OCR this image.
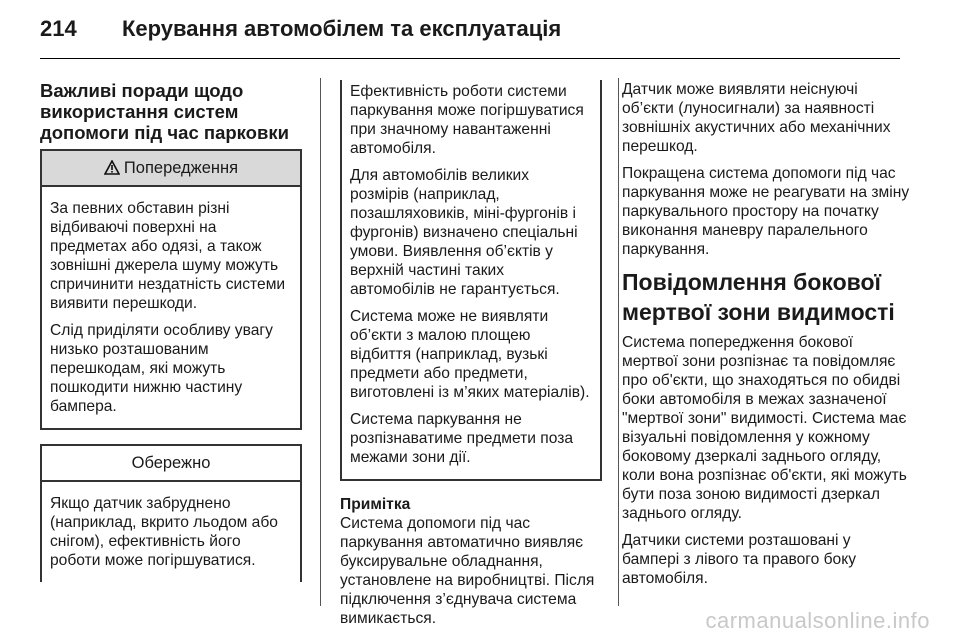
214 Керування автомобілем та експлуатація
Важливі поради щодо
використання систем
допомоги під час парковки
Попередження

За певних обставин різні відбиваючі поверхні на предметах або одязі, а також зовнішні джерела шуму можуть спричинити нездатність системи виявити перешкоди.

Слід приділяти особливу увагу низько розташованим перешкодам, які можуть пошкодити нижню частину бампера.

Обережно

Якщо датчик забруднено (наприклад, вкрито льодом або снігом), ефективність його роботи може погіршуватися.

Ефективність роботи системи паркування може погіршуватися при значному навантаженні автомобіля.

Для автомобілів великих розмірів (наприклад, позашляховиків, міні-фургонів і фургонів) визначено спеціальні умови. Виявлення об’єктів у верхній частині таких автомобілів не гарантується.

Система може не виявляти об’єкти з малою площею відбиття (наприклад, вузькі предмети або предмети, виготовлені із м’яких матеріалів).

Система паркування не розпізнаватиме предмети поза межами зони дії.

Примітка

Система допомоги під час паркування автоматично виявляє буксирувальне обладнання, установлене на виробництві. Після підключення з’єднувача система вимикається.

Датчик може виявляти неіснуючі об’єкти (луносигнали) за наявності зовнішніх акустичних або механічних перешкод.

Покращена система допомоги під час паркування може не реагувати на зміну паркувального простору на початку виконання маневру паралельного паркування.

Повідомлення бокової
мертвої зони видимості

Система попередження бокової мертвої зони розпізнає та повідомляє про об'єкти, що знаходяться по обидві боки автомобіля в межах зазначеної "мертвої зони" видимості. Система має візуальні повідомлення у кожному боковому дзеркалі заднього огляду, коли вона розпізнає об'єкти, які можуть бути поза зоною видимості дзеркал заднього огляду.

Датчики системи розташовані у бампері з лівого та правого боку автомобіля.

carmanualsonline.info
